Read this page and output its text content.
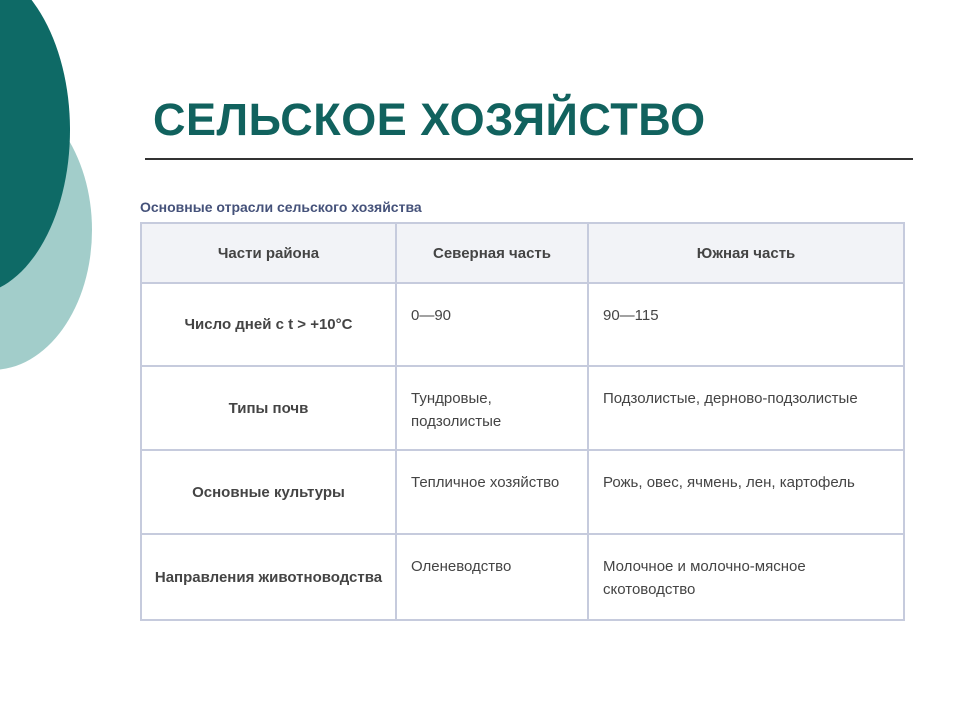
СЕЛЬСКОЕ ХОЗЯЙСТВО
Основные отрасли сельского хозяйства
Части района	Северная часть	Южная часть
Число дней с t > +10°С	0—90	90—115
Типы почв	Тундровые, подзолистые	Подзолистые, дерново-подзолистые
Основные культуры	Тепличное хозяйство	Рожь, овес, ячмень, лен, картофель
Направления животноводства	Оленеводство	Молочное и молочно-мясное скотоводство
